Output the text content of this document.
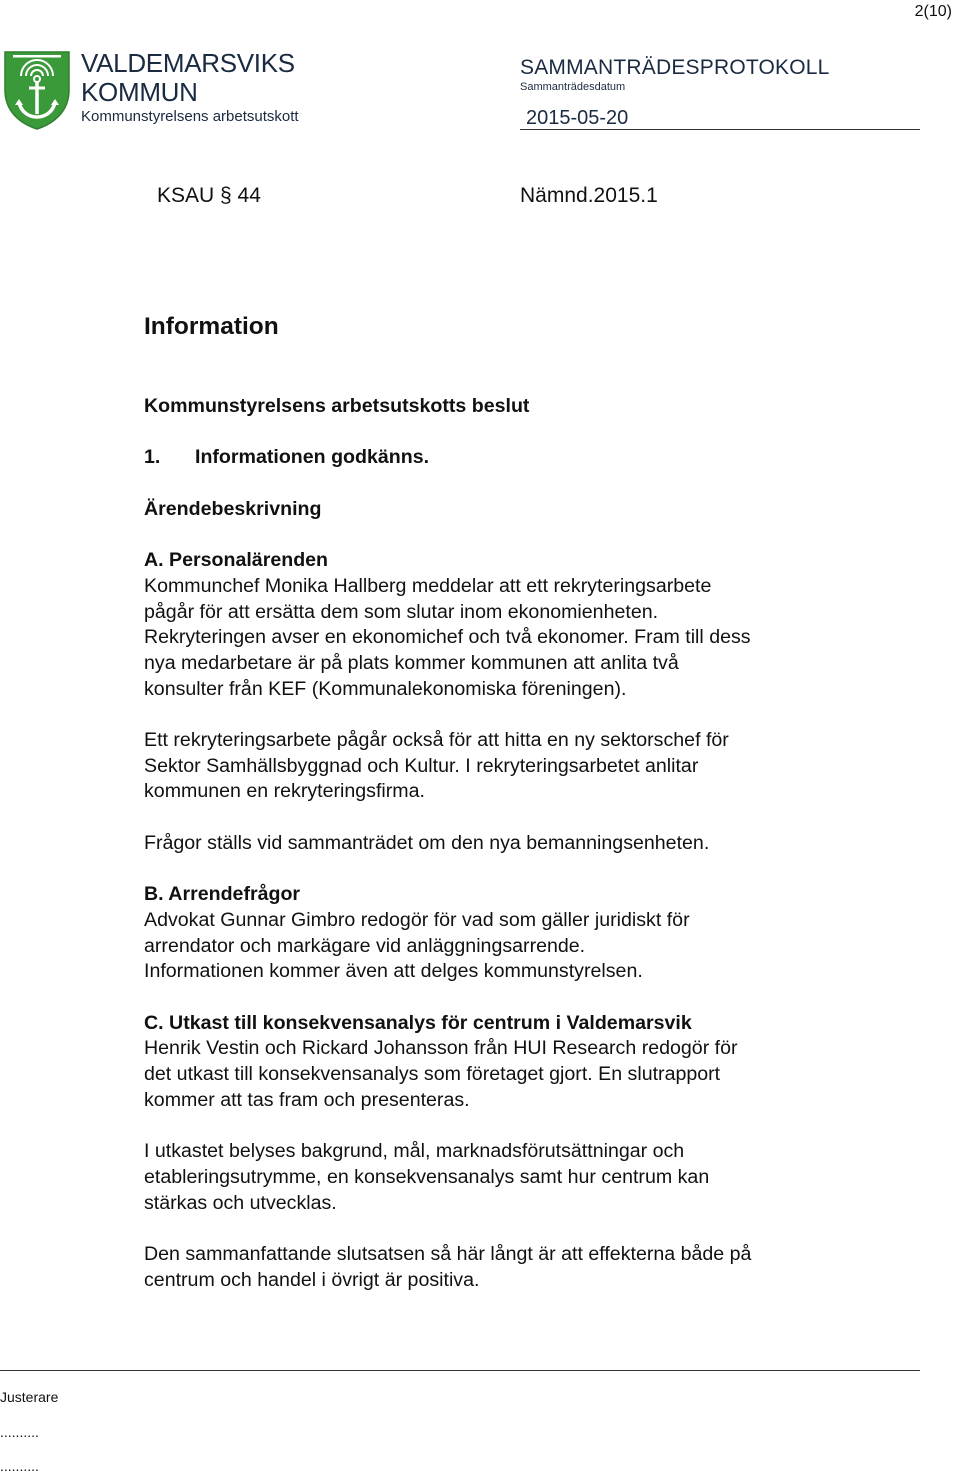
2(10)
VALDEMARSVIKS
KOMMUN
Kommunstyrelsens arbetsutskott
SAMMANTRÄDESPROTOKOLL
Sammanträdesdatum
2015-05-20
KSAU § 44	Nämnd.2015.1

Information

Kommunstyrelsens arbetsutskotts beslut

1. Informationen godkänns.

Ärendebeskrivning

A. Personalärenden

Kommunchef Monika Hallberg meddelar att ett rekryteringsarbete
pågår för att ersätta dem som slutar inom ekonomienheten.
Rekryteringen avser en ekonomichef och två ekonomer. Fram till dess
nya medarbetare är på plats kommer kommunen att anlita två
konsulter från KEF (Kommunalekonomiska föreningen).
Ett rekryteringsarbete pågår också för att hitta en ny sektorschef för
Sektor Samhällsbyggnad och Kultur. I rekryteringsarbetet anlitar
kommunen en rekryteringsfirma.
Frågor ställs vid sammanträdet om den nya bemanningsenheten.

B. Arrendefrågor

Advokat Gunnar Gimbro redogör för vad som gäller juridiskt för
arrendator och markägare vid anläggningsarrende.
Informationen kommer även att delges kommunstyrelsen.

C. Utkast till konsekvensanalys för centrum i Valdemarsvik

Henrik Vestin och Rickard Johansson från HUI Research redogör för
det utkast till konsekvensanalys som företaget gjort. En slutrapport
kommer att tas fram och presenteras.
I utkastet belyses bakgrund, mål, marknadsförutsättningar och
etableringsutrymme, en konsekvensanalys samt hur centrum kan
stärkas och utvecklas.
Den sammanfattande slutsatsen så här långt är att effekterna både på
centrum och handel i övrigt är positiva.
Justerare
..........
..........
